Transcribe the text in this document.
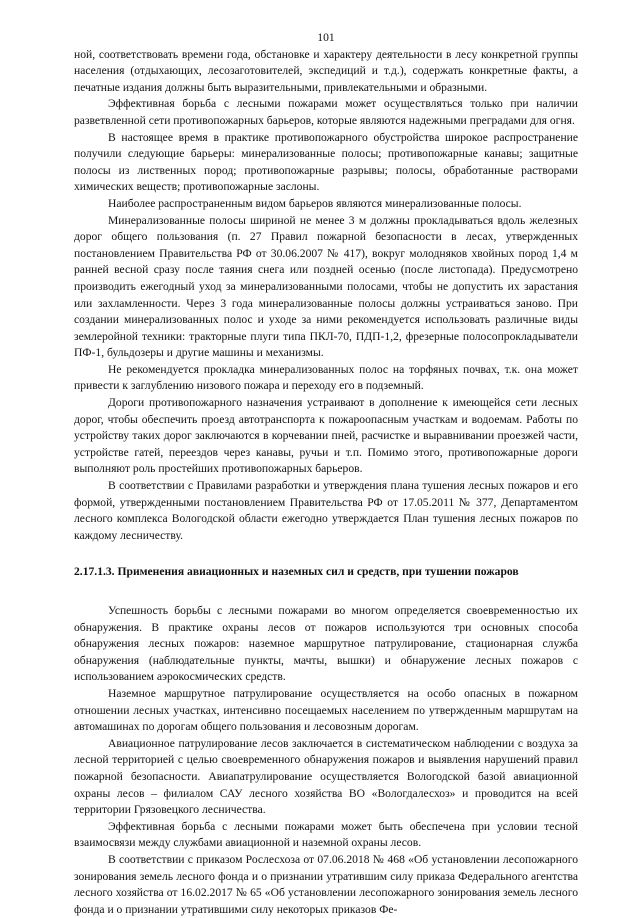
101

ной, соответствовать времени года, обстановке и характеру деятельности в лесу конкретной группы населения (отдыхающих, лесозаготовителей, экспедиций и т.д.), содержать конкретные факты, а печатные издания должны быть выразительными, привлекательными и образными.

Эффективная борьба с лесными пожарами может осуществляться только при наличии разветвленной сети противопожарных барьеров, которые являются надежными преградами для огня.

В настоящее время в практике противопожарного обустройства широкое распространение получили следующие барьеры: минерализованные полосы; противопожарные канавы; защитные полосы из лиственных пород; противопожарные разрывы; полосы, обработанные растворами химических веществ; противопожарные заслоны.

Наиболее распространенным видом барьеров являются минерализованные полосы.

Минерализованные полосы шириной не менее 3 м должны прокладываться вдоль железных дорог общего пользования (п. 27 Правил пожарной безопасности в лесах, утвержденных постановлением Правительства РФ от 30.06.2007 № 417), вокруг молодняков хвойных пород 1,4 м ранней весной сразу после таяния снега или поздней осенью (после листопада). Предусмотрено производить ежегодный уход за минерализованными полосами, чтобы не допустить их зарастания или захламленности. Через 3 года минерализованные полосы должны устраиваться заново. При создании минерализованных полос и уходе за ними рекомендуется использовать различные виды землеройной техники: тракторные плуги типа ПКЛ-70, ПДП-1,2, фрезерные полосопрокладыватели ПФ-1, бульдозеры и другие машины и механизмы.

Не рекомендуется прокладка минерализованных полос на торфяных почвах, т.к. она может привести к заглублению низового пожара и переходу его в подземный.

Дороги противопожарного назначения устраивают в дополнение к имеющейся сети лесных дорог, чтобы обеспечить проезд автотранспорта к пожароопасным участкам и водоемам. Работы по устройству таких дорог заключаются в корчевании пней, расчистке и выравнивании проезжей части, устройстве гатей, переездов через канавы, ручьи и т.п. Помимо этого, противопожарные дороги выполняют роль простейших противопожарных барьеров.

В соответствии с Правилами разработки и утверждения плана тушения лесных пожаров и его формой, утвержденными постановлением Правительства РФ от 17.05.2011 № 377, Департаментом лесного комплекса Вологодской области ежегодно утверждается План тушения лесных пожаров по каждому лесничеству.

2.17.1.3. Применения авиационных и наземных сил и средств, при тушении пожаров

Успешность борьбы с лесными пожарами во многом определяется своевременностью их обнаружения. В практике охраны лесов от пожаров используются три основных способа обнаружения лесных пожаров: наземное маршрутное патрулирование, стационарная служба обнаружения (наблюдательные пункты, мачты, вышки) и обнаружение лесных пожаров с использованием аэрокосмических средств.

Наземное маршрутное патрулирование осуществляется на особо опасных в пожарном отношении лесных участках, интенсивно посещаемых населением по утвержденным маршрутам на автомашинах по дорогам общего пользования и лесовозным дорогам.

Авиационное патрулирование лесов заключается в систематическом наблюдении с воздуха за лесной территорией с целью своевременного обнаружения пожаров и выявления нарушений правил пожарной безопасности. Авиапатрулирование осуществляется Вологодской базой авиационной охраны лесов – филиалом САУ лесного хозяйства ВО «Вологдалесхоз» и проводится на всей территории Грязовецкого лесничества.

Эффективная борьба с лесными пожарами может быть обеспечена при условии тесной взаимосвязи между службами авиационной и наземной охраны лесов.

В соответствии с приказом Рослесхоза от 07.06.2018 № 468 «Об установлении лесопожарного зонирования земель лесного фонда и о признании утратившим силу приказа Федерального агентства лесного хозяйства от 16.02.2017 № 65 «Об установлении лесопожарного зонирования земель лесного фонда и о признании утратившими силу некоторых приказов Фе-
